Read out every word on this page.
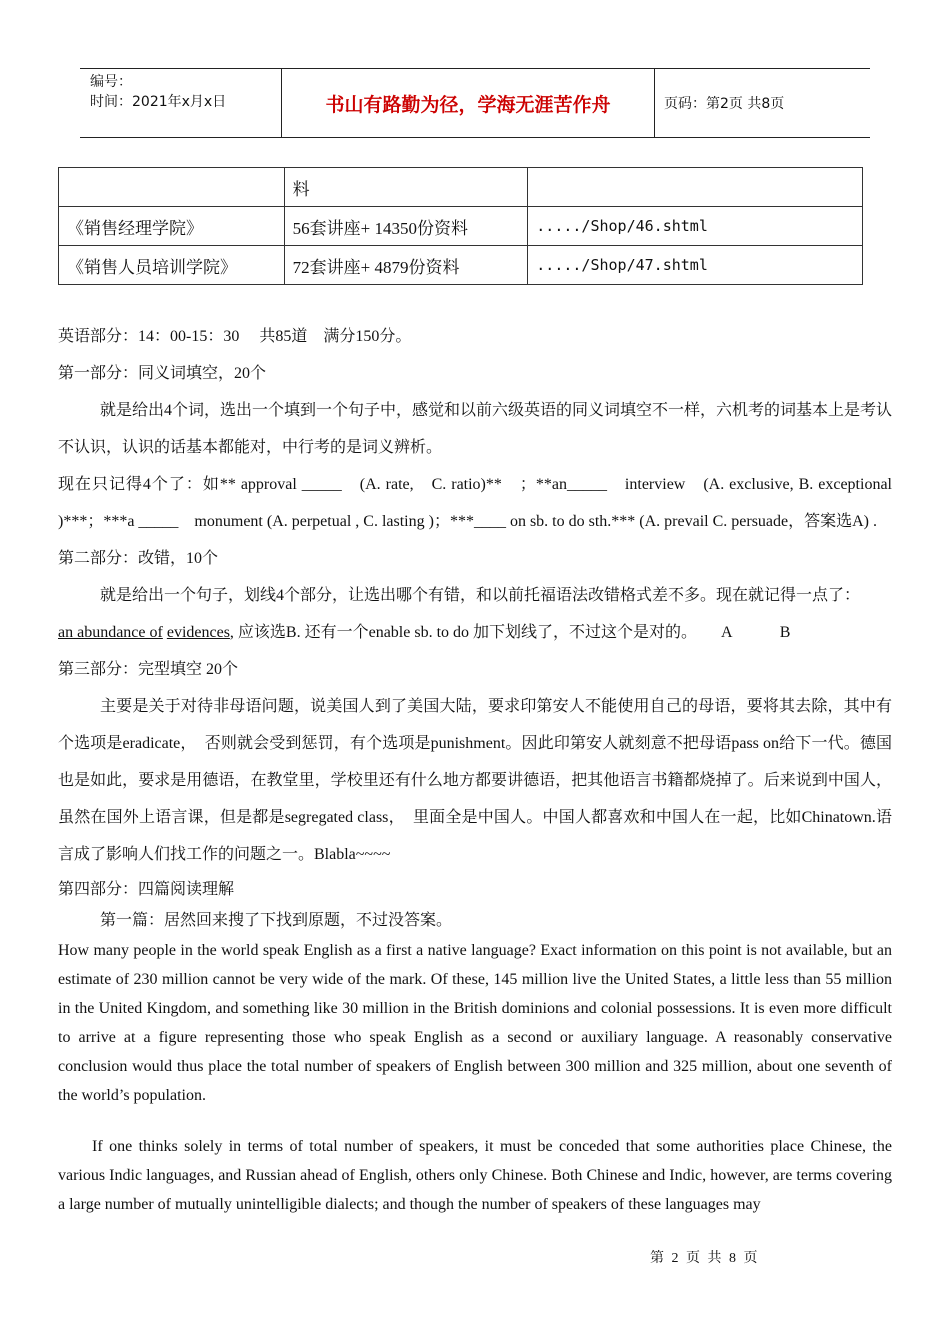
编号：
时间：2021年x月x日	书山有路勤为径，学海无涯苦作舟	页码：第2页 共8页
	料	
《销售经理学院》	56套讲座+ 14350份资料	...../Shop/46.shtml
《销售人员培训学院》	72套讲座+ 4879份资料	...../Shop/47.shtml

英语部分：14：00-15：30　 共85道　满分150分。

第一部分：同义词填空，20个

就是给出4个词，选出一个填到一个句子中，感觉和以前六级英语的同义词填空不一样，六机考的词基本上是考认不认识，认识的话基本都能对，中行考的是词义辨析。

现在只记得4个了：如** approval _____　(A. rate,　C. ratio)**　；**an_____　interview　(A. exclusive, B. exceptional )***；***a _____　monument (A. perpetual , C. lasting )；***____ on sb. to do sth.*** (A. prevail C. persuade，答案选A) .

第二部分：改错，10个

就是给出一个句子，划线4个部分，让选出哪个有错，和以前托福语法改错格式差不多。现在就记得一点了：

an abundance of evidences, 应该选B. 还有一个enable sb. to do 加下划线了，不过这个是对的。　　A　　　B

第三部分：完型填空 20个

主要是关于对待非母语问题，说美国人到了美国大陆，要求印第安人不能使用自己的母语，要将其去除，其中有个选项是eradicate，　否则就会受到惩罚，有个选项是punishment。因此印第安人就刻意不把母语pass on给下一代。德国也是如此，要求是用德语，在教堂里，学校里还有什么地方都要讲德语，把其他语言书籍都烧掉了。后来说到中国人，虽然在国外上语言课，但是都是segregated class，　里面全是中国人。中国人都喜欢和中国人在一起，比如Chinatown.语言成了影响人们找工作的问题之一。Blabla~~~~

第四部分：四篇阅读理解

第一篇：居然回来搜了下找到原题，不过没答案。

How many people in the world speak English as a first a native language? Exact information on this point is not available, but an estimate of 230 million cannot be very wide of the mark. Of these, 145 million live the United States, a little less than 55 million in the United Kingdom, and something like 30 million in the British dominions and colonial possessions. It is even more difficult to arrive at a figure representing those who speak English as a second or auxiliary language. A reasonably conservative conclusion would thus place the total number of speakers of English between 300 million and 325 million, about one seventh of the world’s population.

If one thinks solely in terms of total number of speakers, it must be conceded that some authorities place Chinese, the various Indic languages, and Russian ahead of English, others only Chinese. Both Chinese and Indic, however, are terms covering a large number of mutually unintelligible dialects; and though the number of speakers of these languages may

第 2 页 共 8 页
